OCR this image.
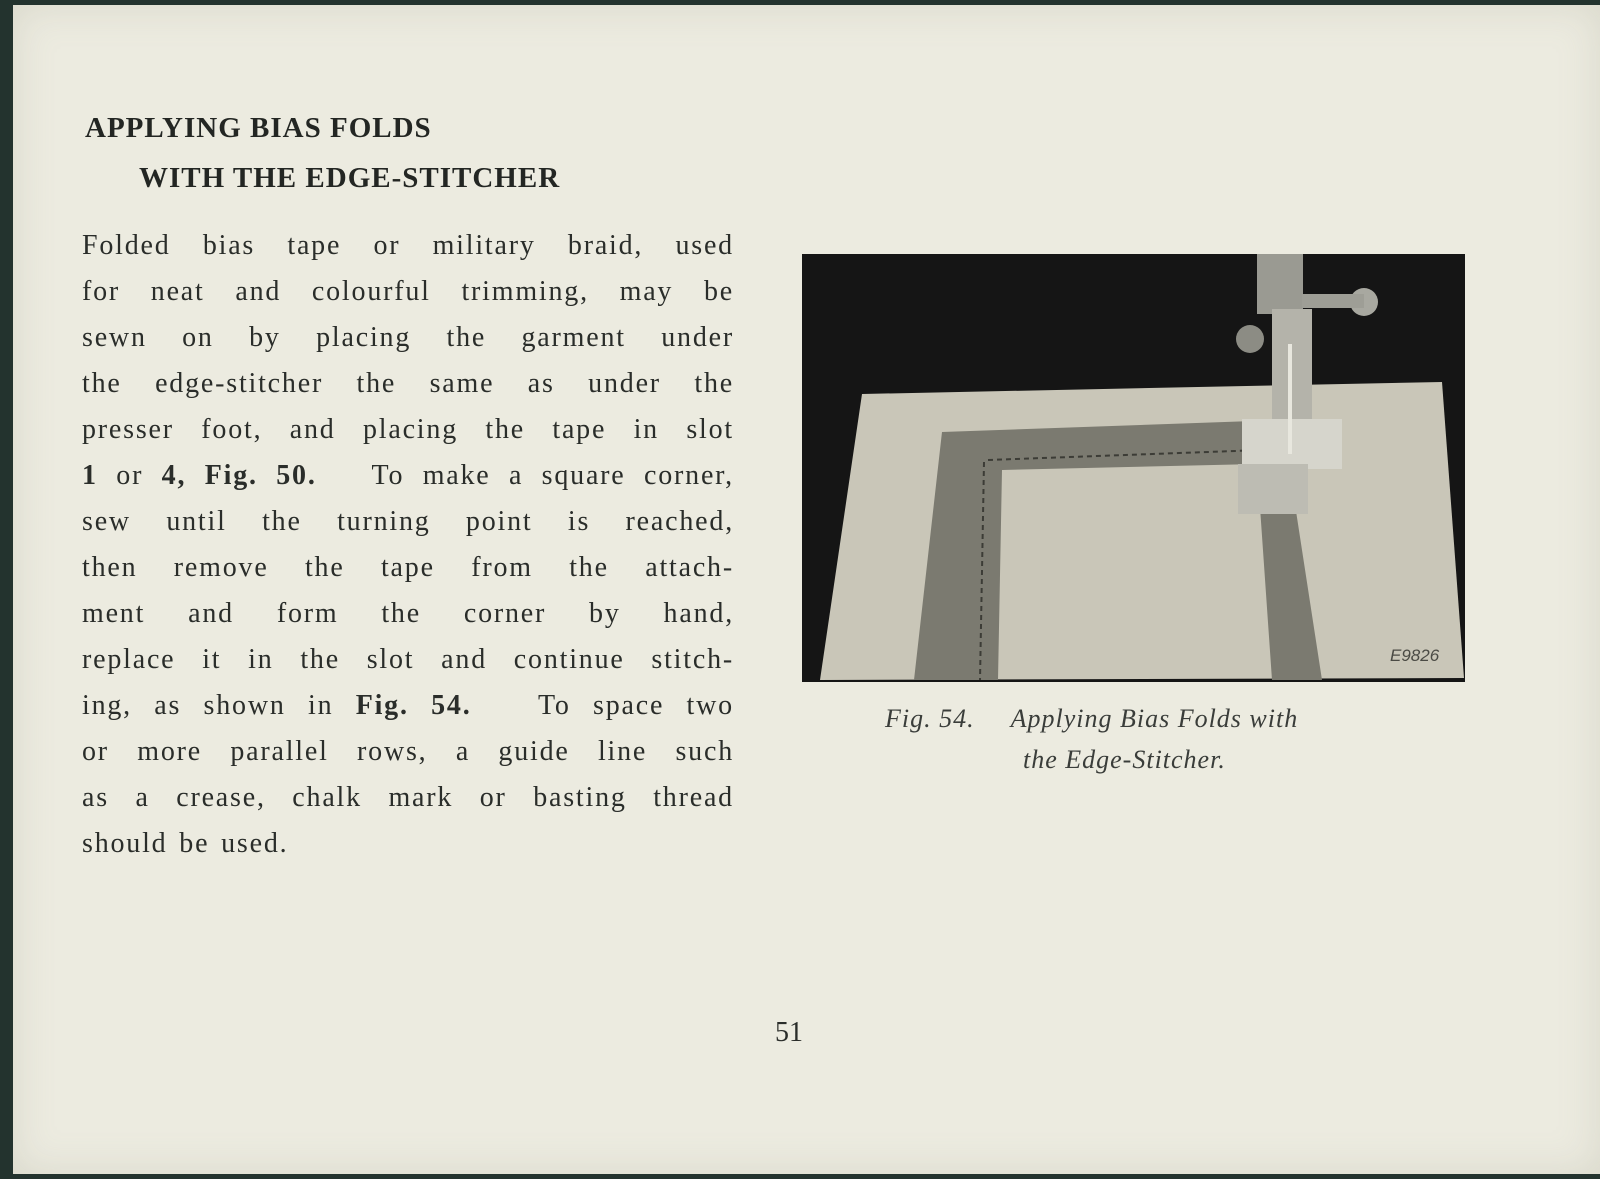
APPLYING BIAS FOLDS
WITH THE EDGE-STITCHER
Folded bias tape or military braid, used
for neat and colourful trimming, may be
sewn on by placing the garment under
the edge-stitcher the same as under the
presser foot, and placing the tape in slot
1 or 4, Fig. 50. To make a square corner,
sew until the turning point is reached,
then remove the tape from the attach-
ment and form the corner by hand,
replace it in the slot and continue stitch-
ing, as shown in Fig. 54. To space two
or more parallel rows, a guide line such
as a crease, chalk mark or basting thread
should be used.
E9826
Fig. 54. Applying Bias Folds with
the Edge-Stitcher.
51
